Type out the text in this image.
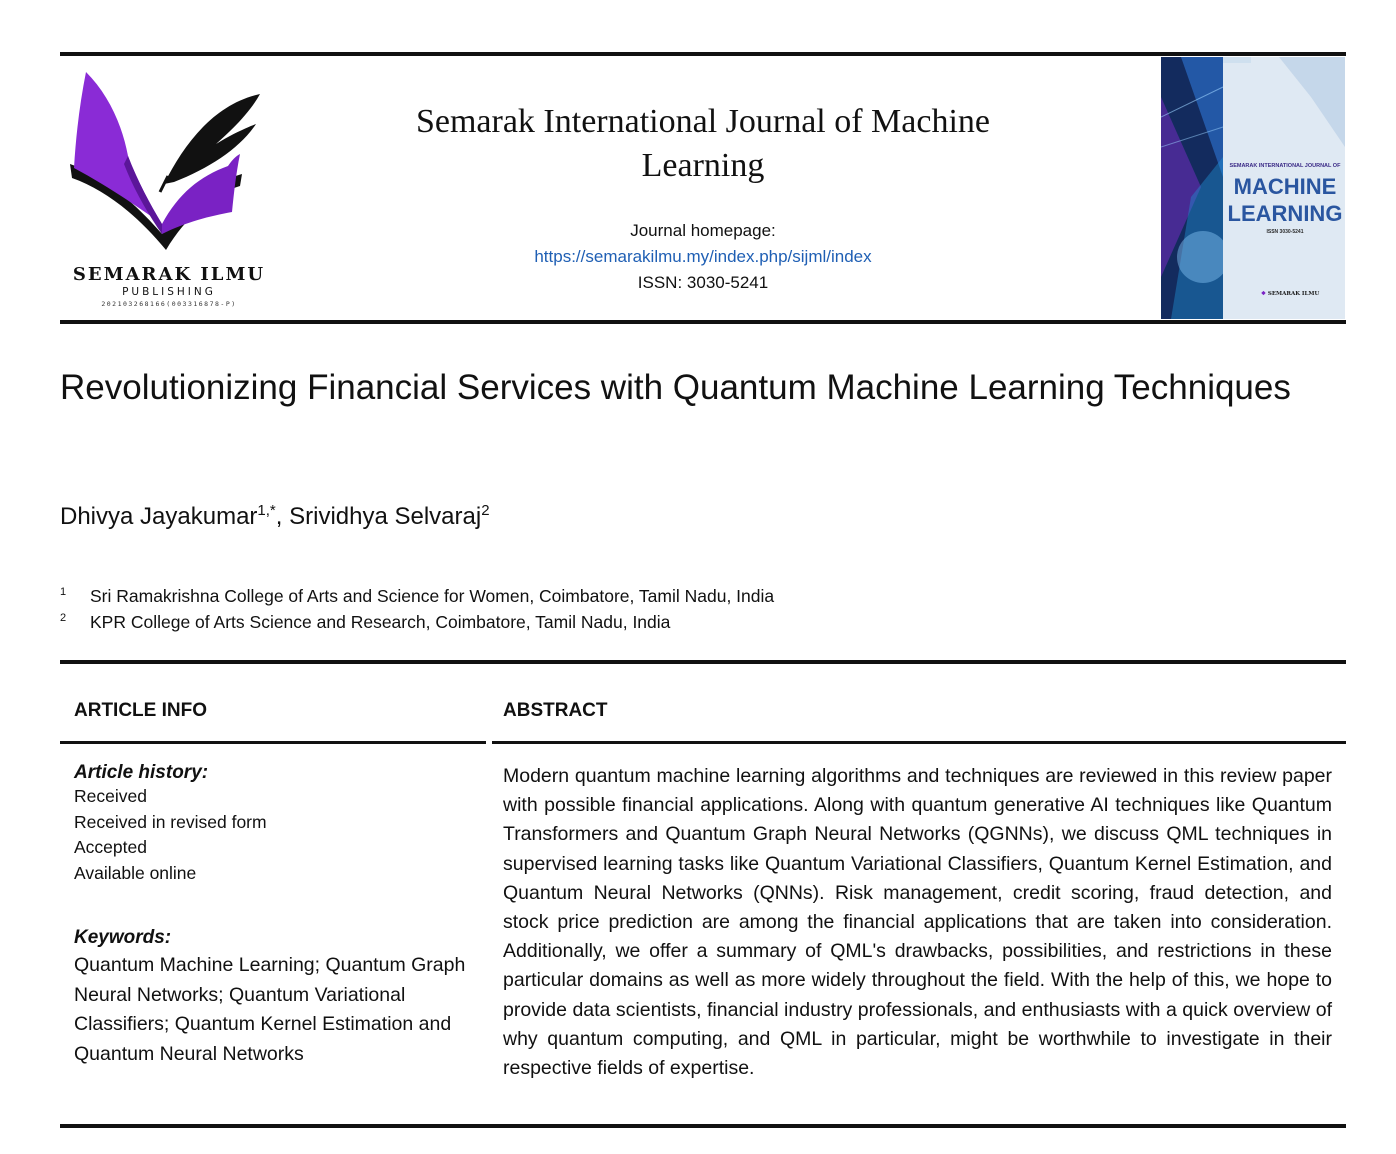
SEMARAK ILMU
PUBLISHING
202103268166(003316878-P)
Semarak International Journal of Machine Learning
Journal homepage:
https://semarakilmu.my/index.php/sijml/index
ISSN: 3030-5241
SEMARAK INTERNATIONAL JOURNAL OF
MACHINE
LEARNING
ISSN 3030-5241
❖ SEMARAK ILMU
Revolutionizing Financial Services with Quantum Machine Learning Techniques
Dhivya Jayakumar$^{1,*}$, Srividhya Selvaraj$^2$
$^1$ Sri Ramakrishna College of Arts and Science for Women, Coimbatore, Tamil Nadu, India
$^2$ KPR College of Arts Science and Research, Coimbatore, Tamil Nadu, India
ARTICLE INFO	ABSTRACT
Article history:
Received
Received in revised form
Accepted
Available online
Keywords:
Quantum Machine Learning; Quantum Graph Neural Networks; Quantum Variational Classifiers; Quantum Kernel Estimation and Quantum Neural Networks
Modern quantum machine learning algorithms and techniques are reviewed in this review paper with possible financial applications. Along with quantum generative AI techniques like Quantum Transformers and Quantum Graph Neural Networks (QGNNs), we discuss QML techniques in supervised learning tasks like Quantum Variational Classifiers, Quantum Kernel Estimation, and Quantum Neural Networks (QNNs). Risk management, credit scoring, fraud detection, and stock price prediction are among the financial applications that are taken into consideration. Additionally, we offer a summary of QML's drawbacks, possibilities, and restrictions in these particular domains as well as more widely throughout the field. With the help of this, we hope to provide data scientists, financial industry professionals, and enthusiasts with a quick overview of why quantum computing, and QML in particular, might be worthwhile to investigate in their respective fields of expertise.
